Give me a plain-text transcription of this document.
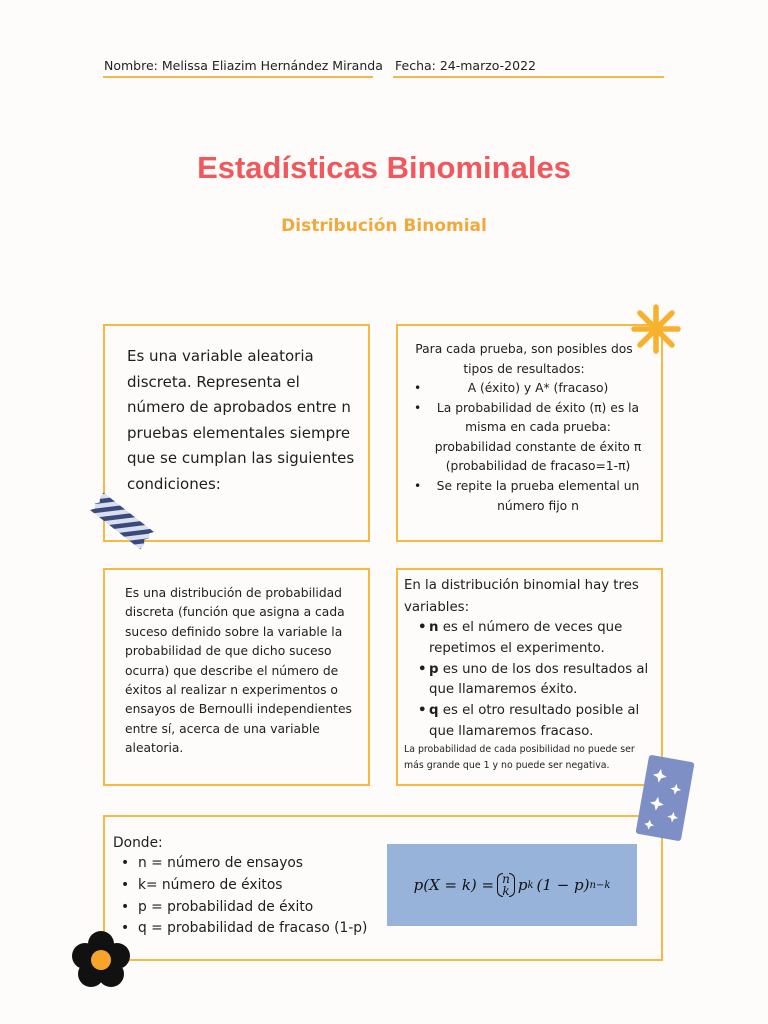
Nombre: Melissa Eliazim Hernández Miranda Fecha: 24-marzo-2022
Estadísticas Binominales
Distribución Binomial

Es una variable aleatoria discreta. Representa el número de aprobados entre n pruebas elementales siempre que se cumplan las siguientes condiciones:

Para cada prueba, son posibles dos tipos de resultados:
• A (éxito) y A* (fracaso)
• La probabilidad de éxito (π) es la misma en cada prueba: probabilidad constante de éxito π (probabilidad de fracaso=1-π)
• Se repite la prueba elemental un número fijo n

Es una distribución de probabilidad discreta (función que asigna a cada suceso definido sobre la variable la probabilidad de que dicho suceso ocurra) que describe el número de éxitos al realizar n experimentos o ensayos de Bernoulli independientes entre sí, acerca de una variable aleatoria.

En la distribución binomial hay tres variables:
• n es el número de veces que repetimos el experimento.
• p es uno de los dos resultados al que llamaremos éxito.
• q es el otro resultado posible al que llamaremos fracaso.
La probabilidad de cada posibilidad no puede ser más grande que 1 y no puede ser negativa.
Donde:
• n = número de ensayos
• k= número de éxitos
• p = probabilidad de éxito
• q = probabilidad de fracaso (1-p)
p(X = k) = n
k p k (1 − p) n−k
